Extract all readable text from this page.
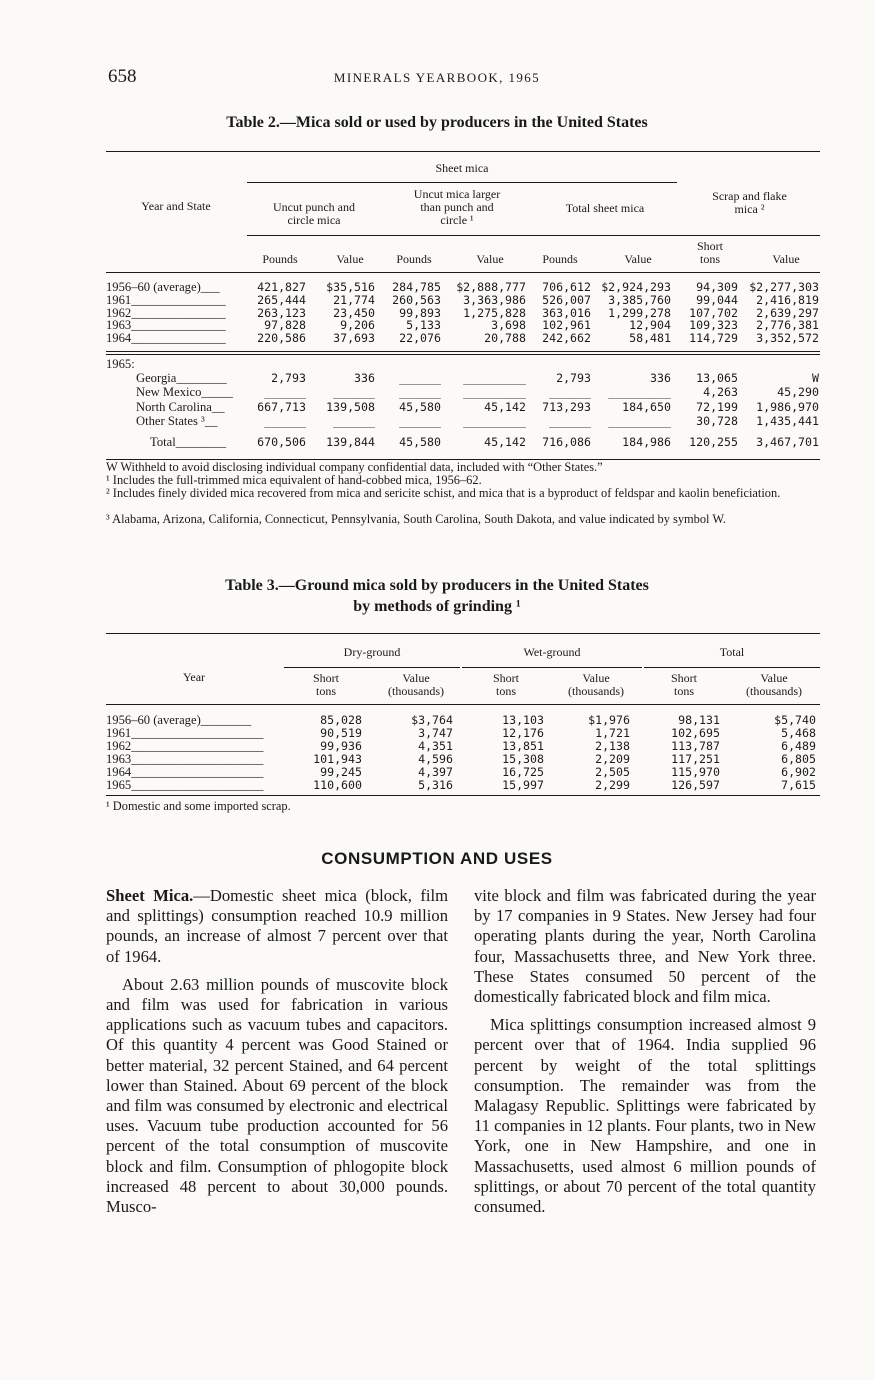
658	MINERALS YEARBOOK, 1965
Table 2.—Mica sold or used by producers in the United States
Year and State
Sheet mica
Uncut punch and
circle mica
Uncut mica larger
than punch and
circle ¹
Total sheet mica
Scrap and flake
mica ²
Pounds	Value	Pounds	Value	Pounds	Value
Short
tons	Value
1956–60 (average)___	421,827 $35,516 284,785 $2,888,777 706,612 $2,924,293 94,309 $2,277,303
1961_______________	265,444 21,774 260,563 3,363,986 526,007 3,385,760 99,044 2,416,819
1962_______________	263,123 23,450 99,893 1,275,828 363,016 1,299,278 107,702 2,639,297
1963_______________	97,828	9,206	5,133	3,698 102,961	12,904 109,323 2,776,381
1964_______________	220,586 37,693 22,076	20,788 242,662	58,481 114,729 3,352,572
1965:
Georgia________	2,793	336 ______ _________	2,793	336 13,065	W
New Mexico_____	______ ______ ______ _________ ______ _________	4,263	45,290
North Carolina__	667,713 139,508 45,580	45,142 713,293	184,650 72,199 1,986,970
Other States ³__	______ ______ ______ _________ ______ _________ 30,728 1,435,441
Total________	670,506 139,844 45,580	45,142 716,086	184,986 120,255 3,467,701
W Withheld to avoid disclosing individual company confidential data, included with “Other States.”
¹ Includes the full-trimmed mica equivalent of hand-cobbed mica, 1956–62.
² Includes finely divided mica recovered from mica and sericite schist, and mica that is a byproduct of feldspar and kaolin beneficiation.
³ Alabama, Arizona, California, Connecticut, Pennsylvania, South Carolina, South Dakota, and value indicated by symbol W.
Table 3.—Ground mica sold by producers in the United States
by methods of grinding ¹
Year
Dry-ground	Wet-ground	Total
Short
tons
Value
(thousands)
Short
tons
Value
(thousands)
Short
tons
Value
(thousands)
1956–60 (average)________	85,028	$3,764	13,103	$1,976	98,131	$5,740
1961_____________________	90,519	3,747	12,176	1,721	102,695	5,468
1962_____________________	99,936	4,351	13,851	2,138	113,787	6,489
1963_____________________	101,943	4,596	15,308	2,209	117,251	6,805
1964_____________________	99,245	4,397	16,725	2,505	115,970	6,902
1965_____________________	110,600	5,316	15,997	2,299	126,597	7,615
¹ Domestic and some imported scrap.
CONSUMPTION AND USES

Sheet Mica.—Domestic sheet mica (block, film and splittings) consumption reached 10.9 million pounds, an increase of almost 7 percent over that of 1964.

About 2.63 million pounds of muscovite block and film was used for fabrication in various applications such as vacuum tubes and capacitors. Of this quantity 4 percent was Good Stained or better material, 32 percent Stained, and 64 percent lower than Stained. About 69 percent of the block and film was consumed by electronic and electrical uses. Vacuum tube production accounted for 56 percent of the total consumption of muscovite block and film. Consumption of phlogopite block increased 48 percent to about 30,000 pounds. Musco-

vite block and film was fabricated during the year by 17 companies in 9 States. New Jersey had four operating plants during the year, North Carolina four, Massachusetts three, and New York three. These States consumed 50 percent of the domestically fabricated block and film mica.

Mica splittings consumption increased almost 9 percent over that of 1964. India supplied 96 percent by weight of the total splittings consumption. The remainder was from the Malagasy Republic. Splittings were fabricated by 11 companies in 12 plants. Four plants, two in New York, one in New Hampshire, and one in Massachusetts, used almost 6 million pounds of splittings, or about 70 percent of the total quantity consumed.
